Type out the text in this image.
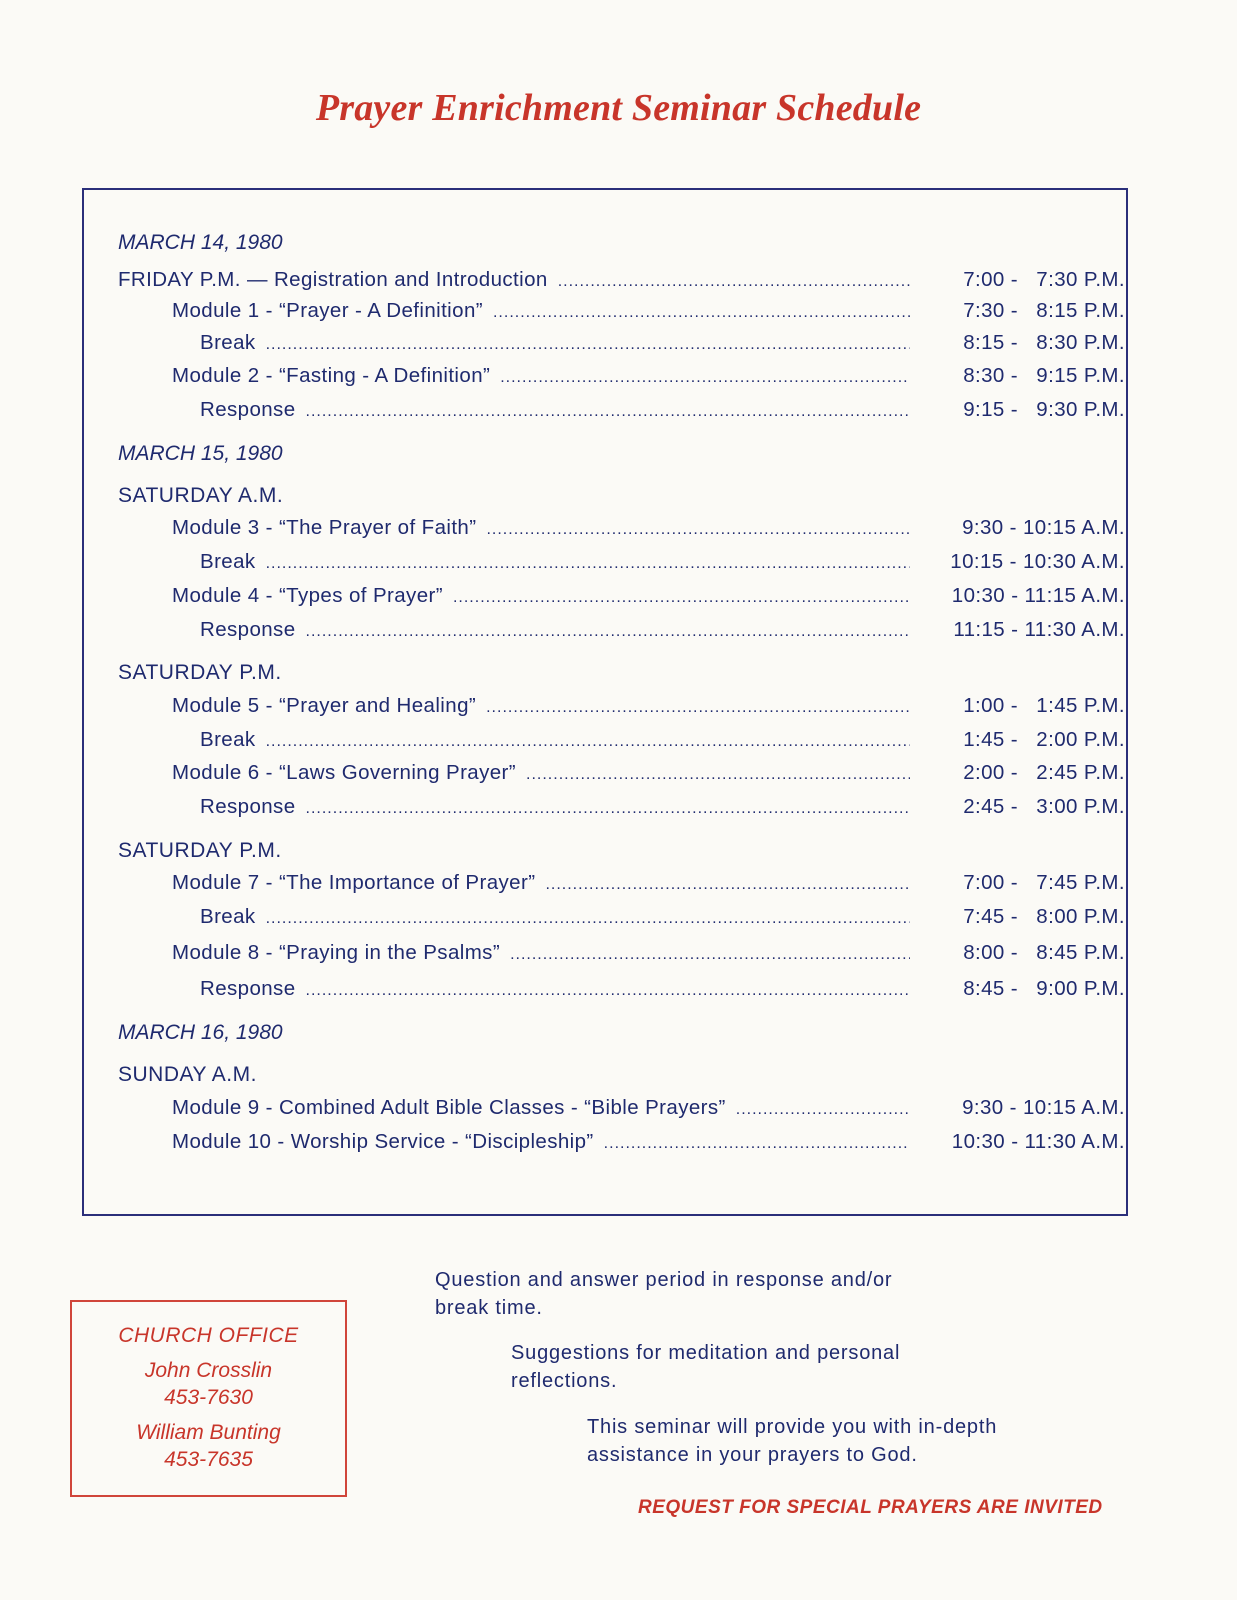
Prayer Enrichment Seminar Schedule
MARCH 14, 1980
FRIDAY P.M. — Registration and Introduction .....	7:00 -   7:30 P.M.
Module 1 - “Prayer - A Definition” .....	7:30 -   8:15 P.M.
Break .....	8:15 -   8:30 P.M.
Module 2 - “Fasting - A Definition” .....	8:30 -   9:15 P.M.
Response .....	9:15 -   9:30 P.M.
MARCH 15, 1980
SATURDAY A.M.
Module 3 - “The Prayer of Faith” .....	9:30 - 10:15 A.M.
Break .....	10:15 - 10:30 A.M.
Module 4 - “Types of Prayer” .....	10:30 - 11:15 A.M.
Response .....	11:15 - 11:30 A.M.
SATURDAY P.M.
Module 5 - “Prayer and Healing” .....	1:00 -   1:45 P.M.
Break .....	1:45 -   2:00 P.M.
Module 6 - “Laws Governing Prayer” .....	2:00 -   2:45 P.M.
Response .....	2:45 -   3:00 P.M.
SATURDAY P.M.
Module 7 - “The Importance of Prayer” .....	7:00 -   7:45 P.M.
Break .....	7:45 -   8:00 P.M.
Module 8 - “Praying in the Psalms” .....	8:00 -   8:45 P.M.
Response .....	8:45 -   9:00 P.M.
MARCH 16, 1980
SUNDAY A.M.
Module 9 - Combined Adult Bible Classes - “Bible Prayers” .....	9:30 - 10:15 A.M.
Module 10 - Worship Service - “Discipleship” .....	10:30 - 11:30 A.M.
CHURCH OFFICE
John Crosslin
453-7630
William Bunting
453-7635
Question and answer period in response and/or break time.
Suggestions for meditation and personal reflections.
This seminar will provide you with in-depth assistance in your prayers to God.
REQUEST FOR SPECIAL PRAYERS ARE INVITED
